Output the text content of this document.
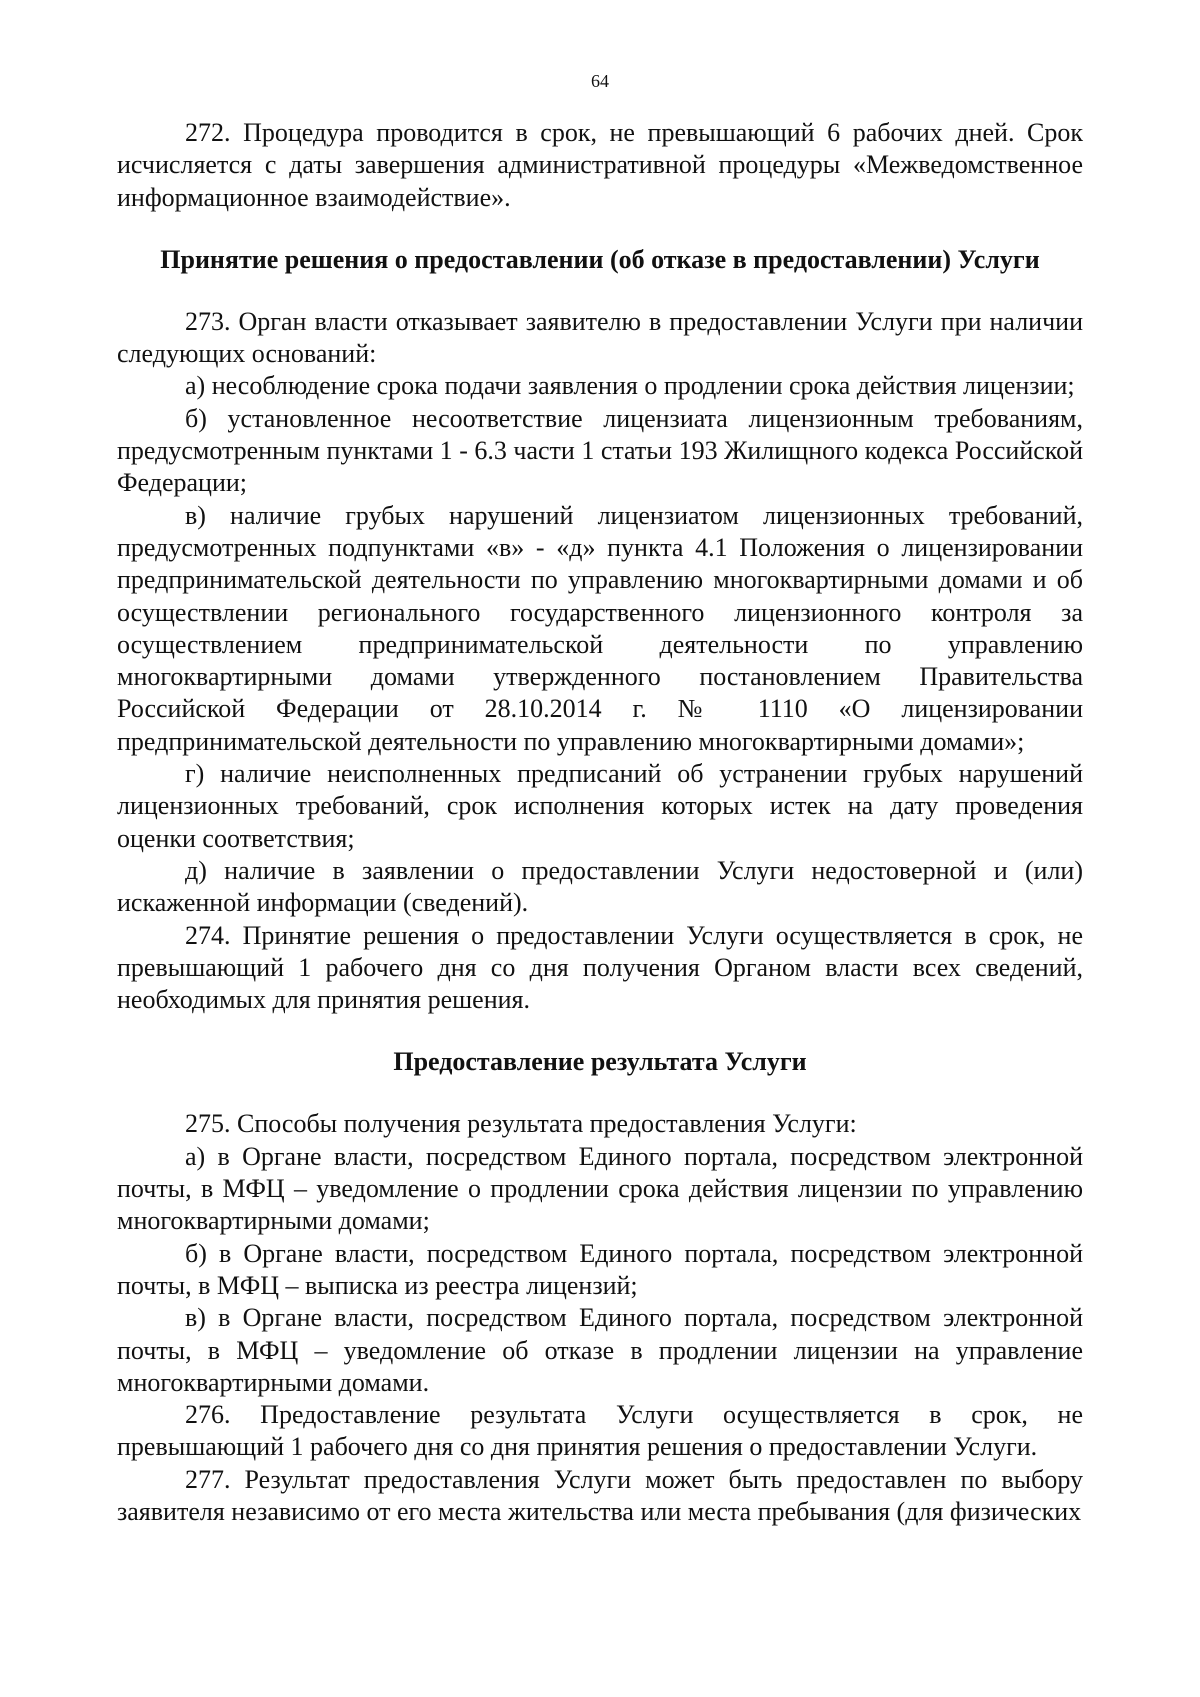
64

272. Процедура проводится в срок, не превышающий 6 рабочих дней. Срок исчисляется с даты завершения административной процедуры «Межведомственное информационное взаимодействие».

Принятие решения о предоставлении (об отказе в предоставлении) Услуги

273. Орган власти отказывает заявителю в предоставлении Услуги при наличии следующих оснований:

а) несоблюдение срока подачи заявления о продлении срока действия лицензии;

б) установленное несоответствие лицензиата лицензионным требованиям, предусмотренным пунктами 1 - 6.3 части 1 статьи 193 Жилищного кодекса Российской Федерации;

в) наличие грубых нарушений лицензиатом лицензионных требований, предусмотренных подпунктами «в» - «д» пункта 4.1 Положения о лицензировании предпринимательской деятельности по управлению многоквартирными домами и об осуществлении регионального государственного лицензионного контроля за осуществлением предпринимательской деятельности по управлению многоквартирными домами утвержденного постановлением Правительства Российской Федерации от 28.10.2014 г. № 1110 «О лицензировании предпринимательской деятельности по управлению многоквартирными домами»;

г) наличие неисполненных предписаний об устранении грубых нарушений лицензионных требований, срок исполнения которых истек на дату проведения оценки соответствия;

д) наличие в заявлении о предоставлении Услуги недостоверной и (или) искаженной информации (сведений).

274. Принятие решения о предоставлении Услуги осуществляется в срок, не превышающий 1 рабочего дня со дня получения Органом власти всех сведений, необходимых для принятия решения.

Предоставление результата Услуги

275. Способы получения результата предоставления Услуги:

а) в Органе власти, посредством Единого портала, посредством электронной почты, в МФЦ – уведомление о продлении срока действия лицензии по управлению многоквартирными домами;

б) в Органе власти, посредством Единого портала, посредством электронной почты, в МФЦ – выписка из реестра лицензий;

в) в Органе власти, посредством Единого портала, посредством электронной почты, в МФЦ – уведомление об отказе в продлении лицензии на управление многоквартирными домами.

276. Предоставление результата Услуги осуществляется в срок, не превышающий 1 рабочего дня со дня принятия решения о предоставлении Услуги.

277. Результат предоставления Услуги может быть предоставлен по выбору заявителя независимо от его места жительства или места пребывания (для физических
